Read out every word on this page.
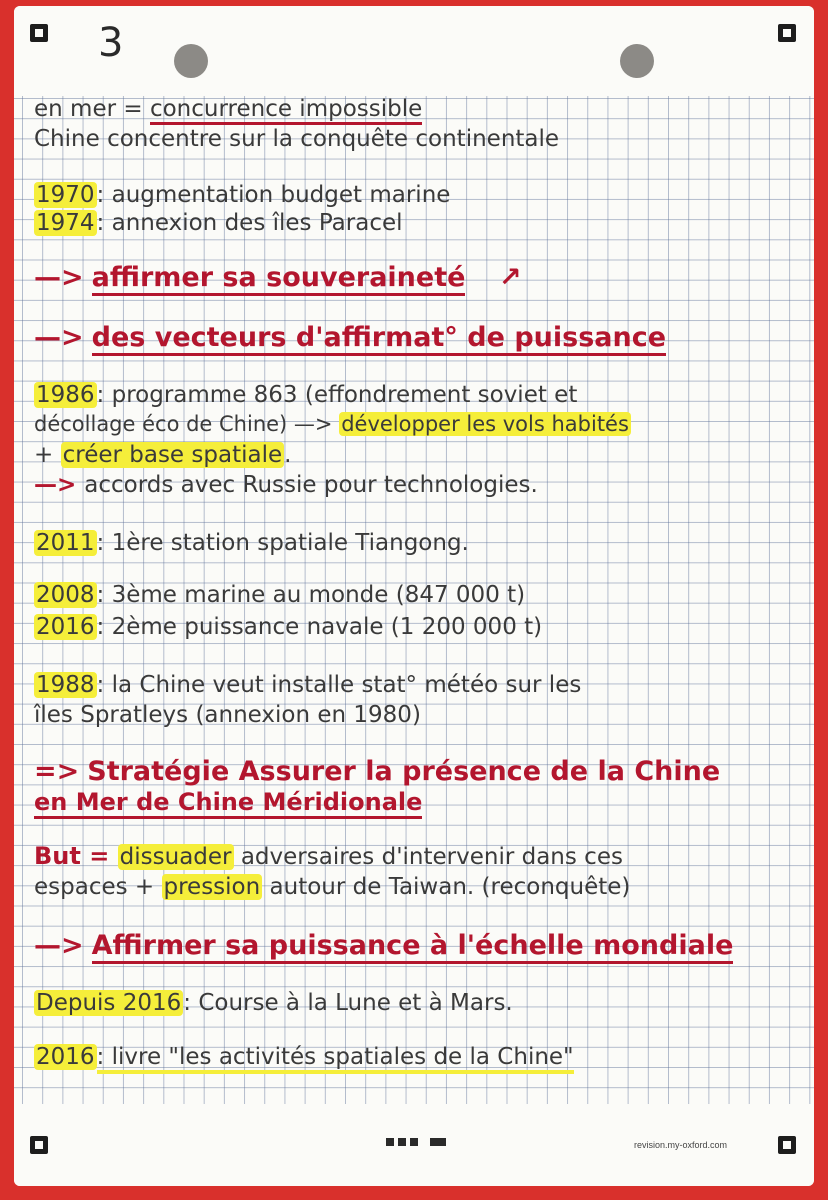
3
en mer = concurrence impossible
Chine concentre sur la conquête continentale
1970: augmentation budget marine
1974: annexion des îles Paracel
—> affirmer sa souveraineté ↗
—> des vecteurs d'affirmat° de puissance
1986: programme 863 (effondrement soviet et
décollage éco de Chine) —> développer les vols habités
+ créer base spatiale.
—> accords avec Russie pour technologies.
2011: 1ère station spatiale Tiangong.
2008: 3ème marine au monde (847 000 t)
2016: 2ème puissance navale (1 200 000 t)
1988: la Chine veut installe stat° météo sur les
îles Spratleys (annexion en 1980)
=> Stratégie Assurer la présence de la Chine
en Mer de Chine Méridionale
But = dissuader adversaires d'intervenir dans ces
espaces + pression autour de Taiwan. (reconquête)
—> Affirmer sa puissance à l'échelle mondiale
Depuis 2016: Course à la Lune et à Mars.
2016: livre "les activités spatiales de la Chine"
revision.my-oxford.com
